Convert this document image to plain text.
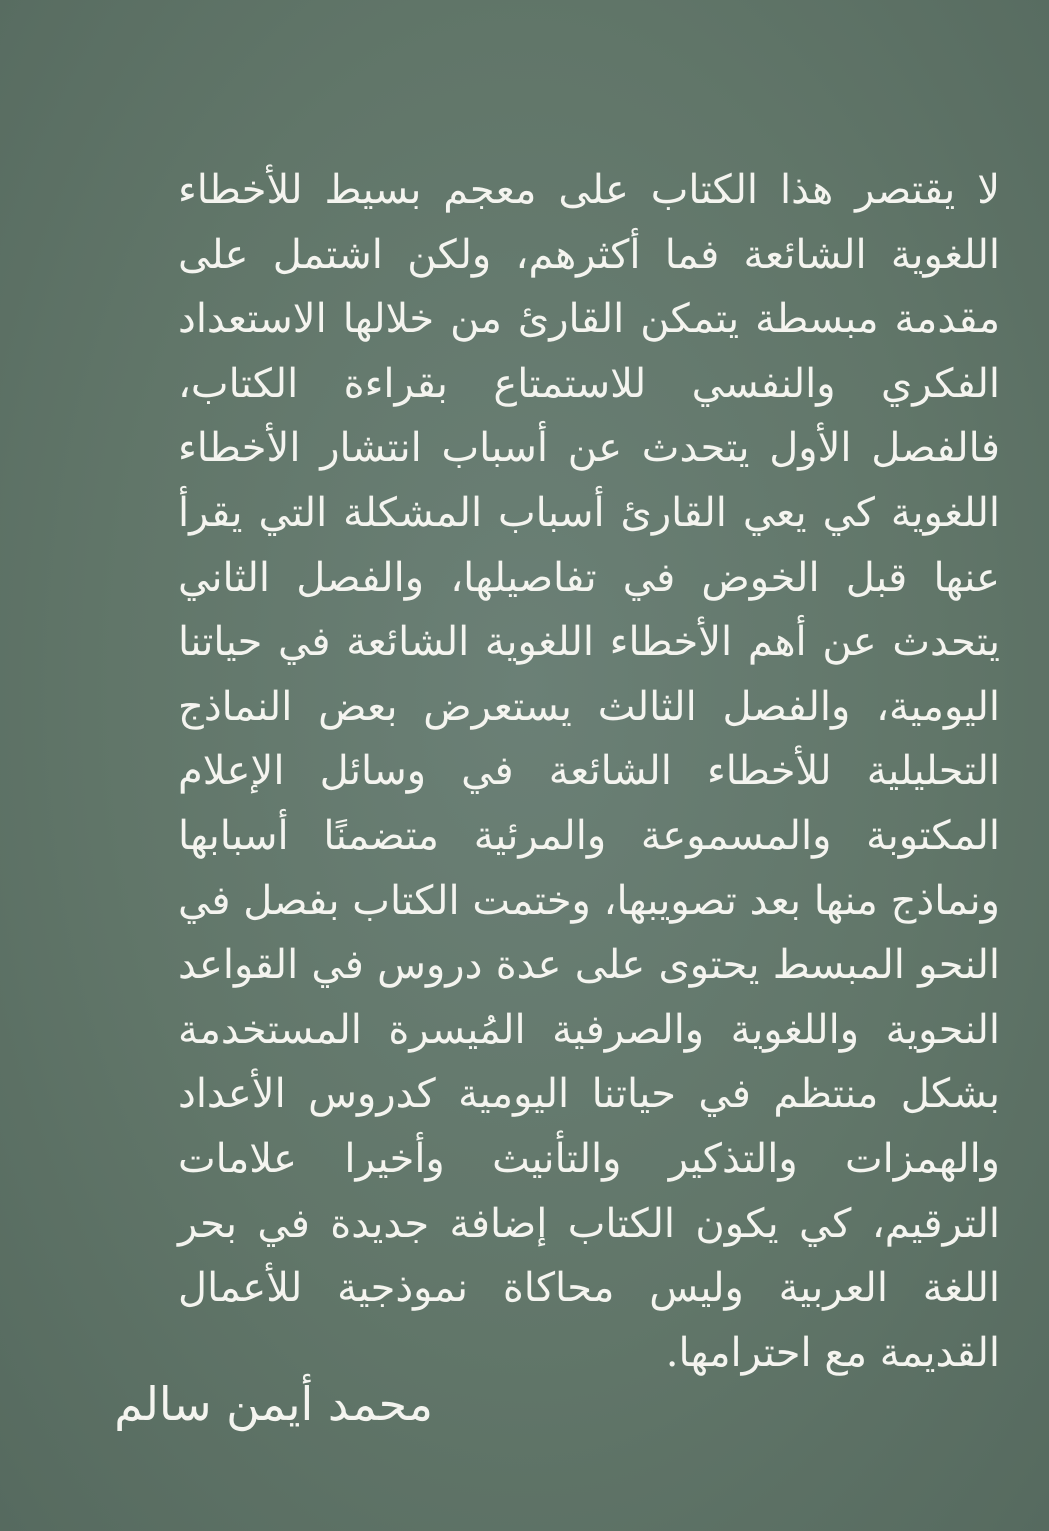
لا يقتصر هذا الكتاب على معجم بسيط للأخطاء اللغوية الشائعة فما أكثرهم، ولكن اشتمل على مقدمة مبسطة يتمكن القارئ من خلالها الاستعداد الفكري والنفسي للاستمتاع بقراءة الكتاب، فالفصل الأول يتحدث عن أسباب انتشار الأخطاء اللغوية كي يعي القارئ أسباب المشكلة التي يقرأ عنها قبل الخوض في تفاصيلها، والفصل الثاني يتحدث عن أهم الأخطاء اللغوية الشائعة في حياتنا اليومية، والفصل الثالث يستعرض بعض النماذج التحليلية للأخطاء الشائعة في وسائل الإعلام المكتوبة والمسموعة والمرئية متضمنًا أسبابها ونماذج منها بعد تصويبها، وختمت الكتاب بفصل في النحو المبسط يحتوى على عدة دروس في القواعد النحوية واللغوية والصرفية المُيسرة المستخدمة بشكل منتظم في حياتنا اليومية كدروس الأعداد والهمزات والتذكير والتأنيث وأخيرا علامات الترقيم، كي يكون الكتاب إضافة جديدة في بحر اللغة العربية وليس محاكاة نموذجية للأعمال القديمة مع احترامها.

محمد أيمن سالم
